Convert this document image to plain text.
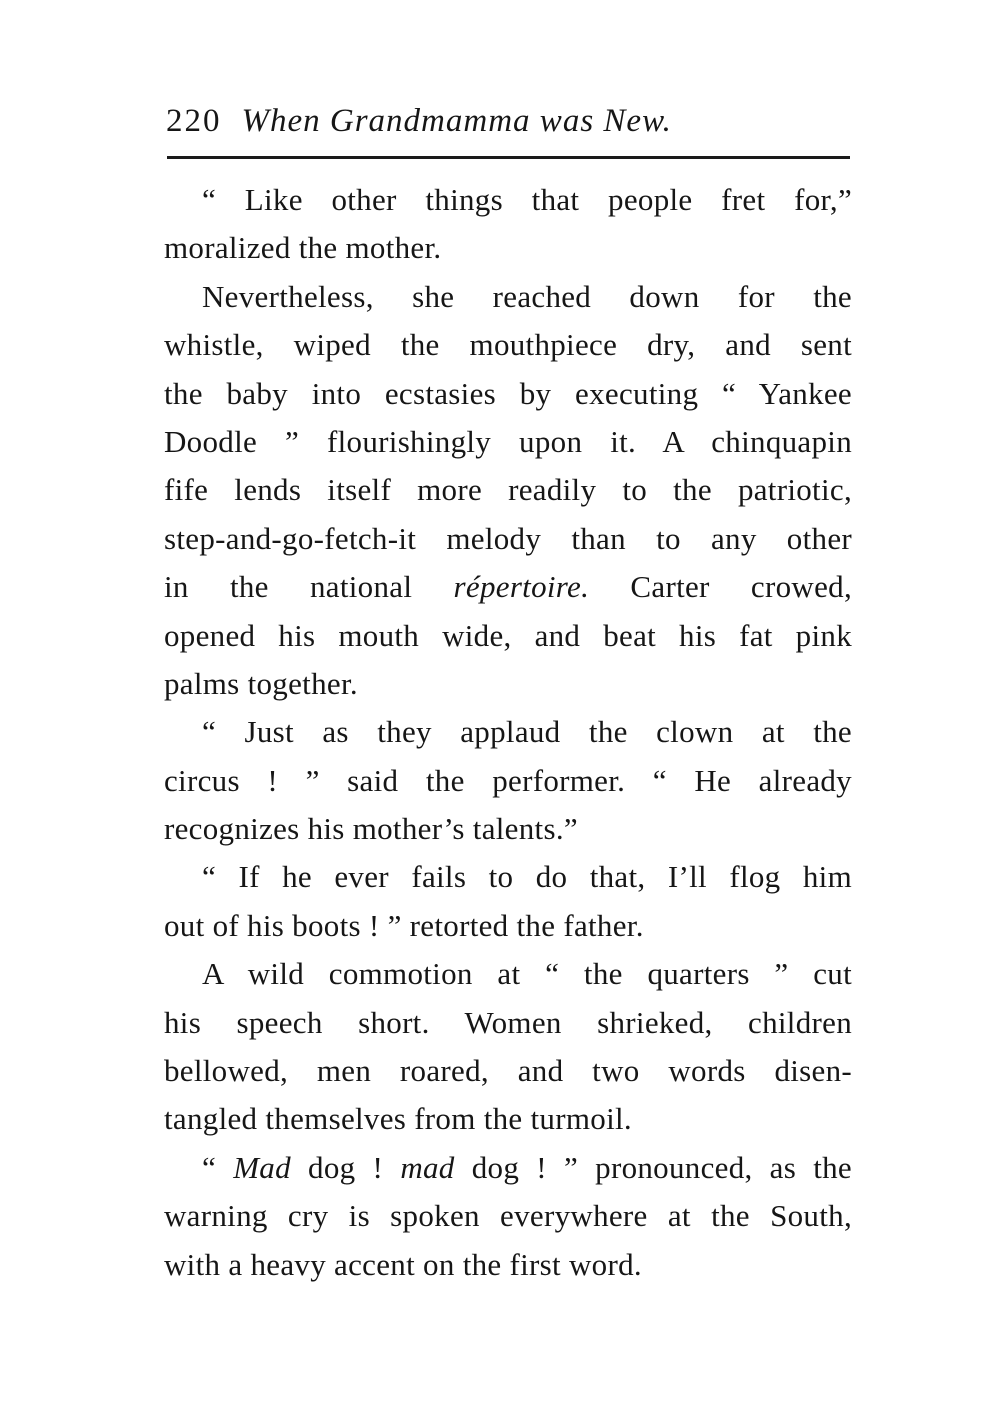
220 When Grandmamma was New.
“ Like other things that people fret for,”
moralized the mother.
Nevertheless, she reached down for the
whistle, wiped the mouthpiece dry, and sent
the baby into ecstasies by executing “ Yankee
Doodle ” flourishingly upon it. A chinquapin
fife lends itself more readily to the patriotic,
step-and-go-fetch-it melody than to any other
in the national répertoire. Carter crowed,
opened his mouth wide, and beat his fat pink
palms together.
“ Just as they applaud the clown at the
circus ! ” said the performer. “ He already
recognizes his mother’s talents.”
“ If he ever fails to do that, I’ll flog him
out of his boots ! ” retorted the father.
A wild commotion at “ the quarters ” cut
his speech short. Women shrieked, children
bellowed, men roared, and two words disen-
tangled themselves from the turmoil.
“ Mad dog ! mad dog ! ” pronounced, as the
warning cry is spoken everywhere at the South,
with a heavy accent on the first word.
